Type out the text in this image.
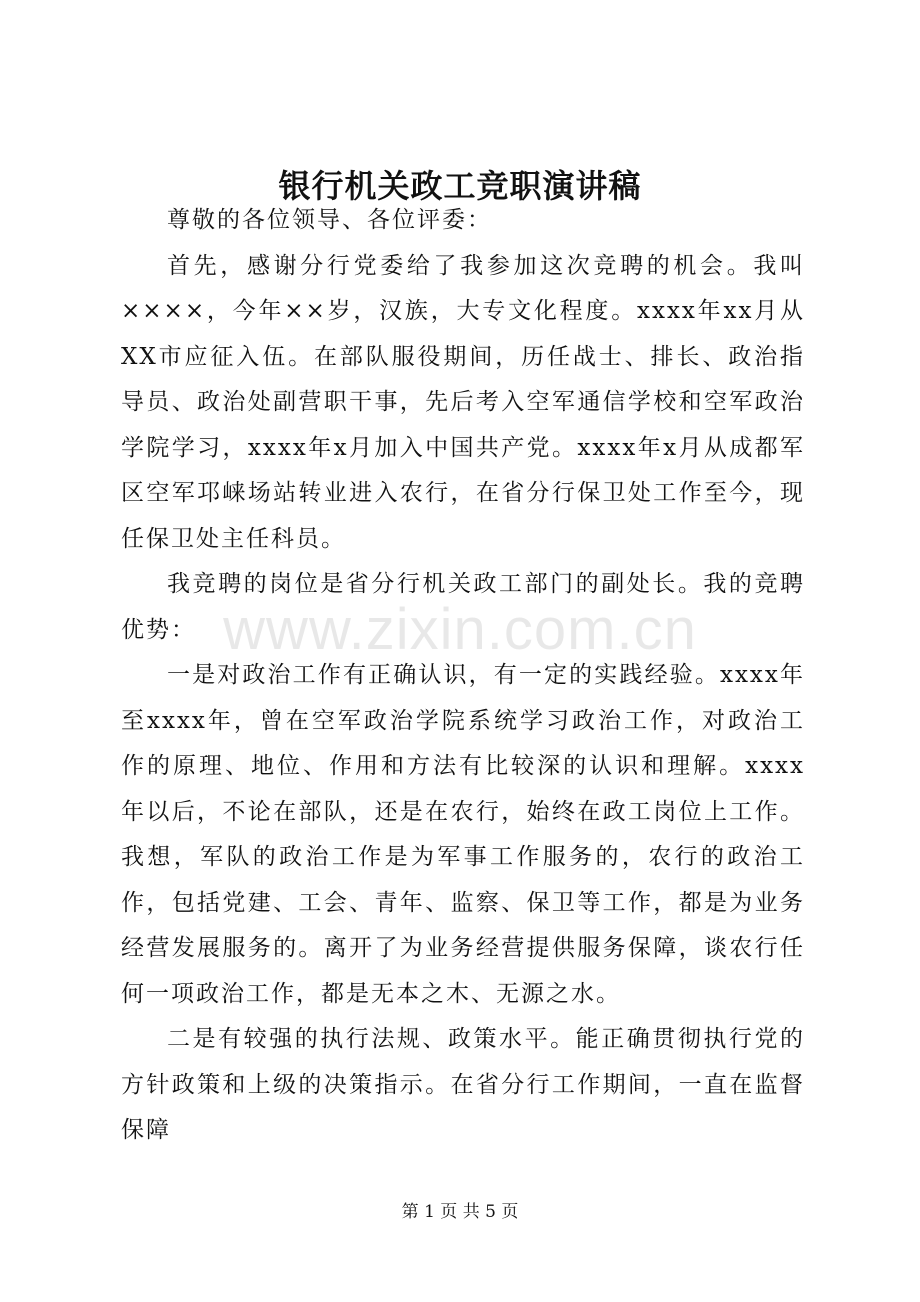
银行机关政工竞职演讲稿

尊敬的各位领导、各位评委：

首先，感谢分行党委给了我参加这次竞聘的机会。我叫××××，今年××岁，汉族，大专文化程度。xxxx年xx月从XX市应征入伍。在部队服役期间，历任战士、排长、政治指导员、政治处副营职干事，先后考入空军通信学校和空军政治学院学习，xxxx年x月加入中国共产党。xxxx年x月从成都军区空军邛崃场站转业进入农行，在省分行保卫处工作至今，现任保卫处主任科员。

我竞聘的岗位是省分行机关政工部门的副处长。我的竞聘优势：

一是对政治工作有正确认识，有一定的实践经验。xxxx年至xxxx年，曾在空军政治学院系统学习政治工作，对政治工作的原理、地位、作用和方法有比较深的认识和理解。xxxx年以后，不论在部队，还是在农行，始终在政工岗位上工作。我想，军队的政治工作是为军事工作服务的，农行的政治工作，包括党建、工会、青年、监察、保卫等工作，都是为业务经营发展服务的。离开了为业务经营提供服务保障，谈农行任何一项政治工作，都是无本之木、无源之水。

二是有较强的执行法规、政策水平。能正确贯彻执行党的方针政策和上级的决策指示。在省分行工作期间，一直在监督保障

www.zixin.com.cn
第 1 页 共 5 页
